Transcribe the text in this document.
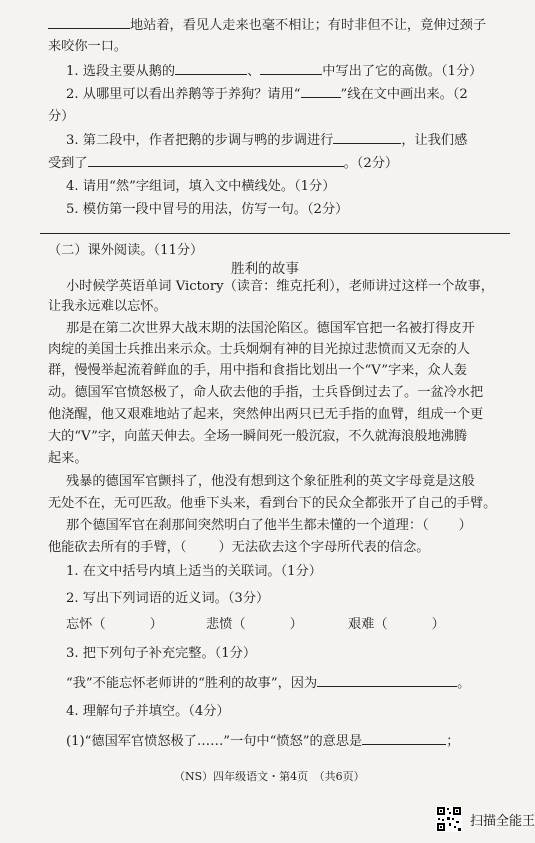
地站着，看见人走来也毫不相让；有时非但不让，竟伸过颈子
来咬你一口。
1. 选段主要从鹅的	、	中写出了它的高傲。（1分）
2. 从哪里可以看出养鹅等于养狗？请用“	”线在文中画出来。（2
分）
3. 第二段中，作者把鹅的步调与鸭的步调进行	，让我们感
受到了	。（2分）
4. 请用“然”字组词，填入文中横线处。（1分）
5. 模仿第一段中冒号的用法，仿写一句。（2分）
（二）课外阅读。（11分）
胜利的故事
小时候学英语单词 Victory（读音：维克托利），老师讲过这样一个故事，
让我永远难以忘怀。
那是在第二次世界大战末期的法国沦陷区。德国军官把一名被打得皮开
肉绽的美国士兵推出来示众。士兵炯炯有神的目光掠过悲愤而又无奈的人
群，慢慢举起流着鲜血的手，用中指和食指比划出一个“V”字来，众人轰
动。德国军官愤怒极了，命人砍去他的手指，士兵昏倒过去了。一盆冷水把
他浇醒，他又艰难地站了起来，突然伸出两只已无手指的血臂，组成一个更
大的“V”字，向蓝天伸去。全场一瞬间死一般沉寂，不久就海浪般地沸腾
起来。
残暴的德国军官颤抖了，他没有想到这个象征胜利的英文字母竟是这般
无处不在，无可匹敌。他垂下头来，看到台下的民众全都张开了自己的手臂。
那个德国军官在刹那间突然明白了他半生都未懂的一个道理：（ ）
他能砍去所有的手臂，（ ）无法砍去这个字母所代表的信念。
1. 在文中括号内填上适当的关联词。（1分）
2. 写出下列词语的近义词。（3分）
忘怀（	）	悲愤（	）	艰难（	）
3. 把下列句子补充完整。（1分）
“我”不能忘怀老师讲的“胜利的故事”，因为	。
4. 理解句子并填空。（4分）
(1)“德国军官愤怒极了……”一句中“愤怒”的意思是	；
（NS）四年级语文・第4页　（共6页）
扫描全能王
